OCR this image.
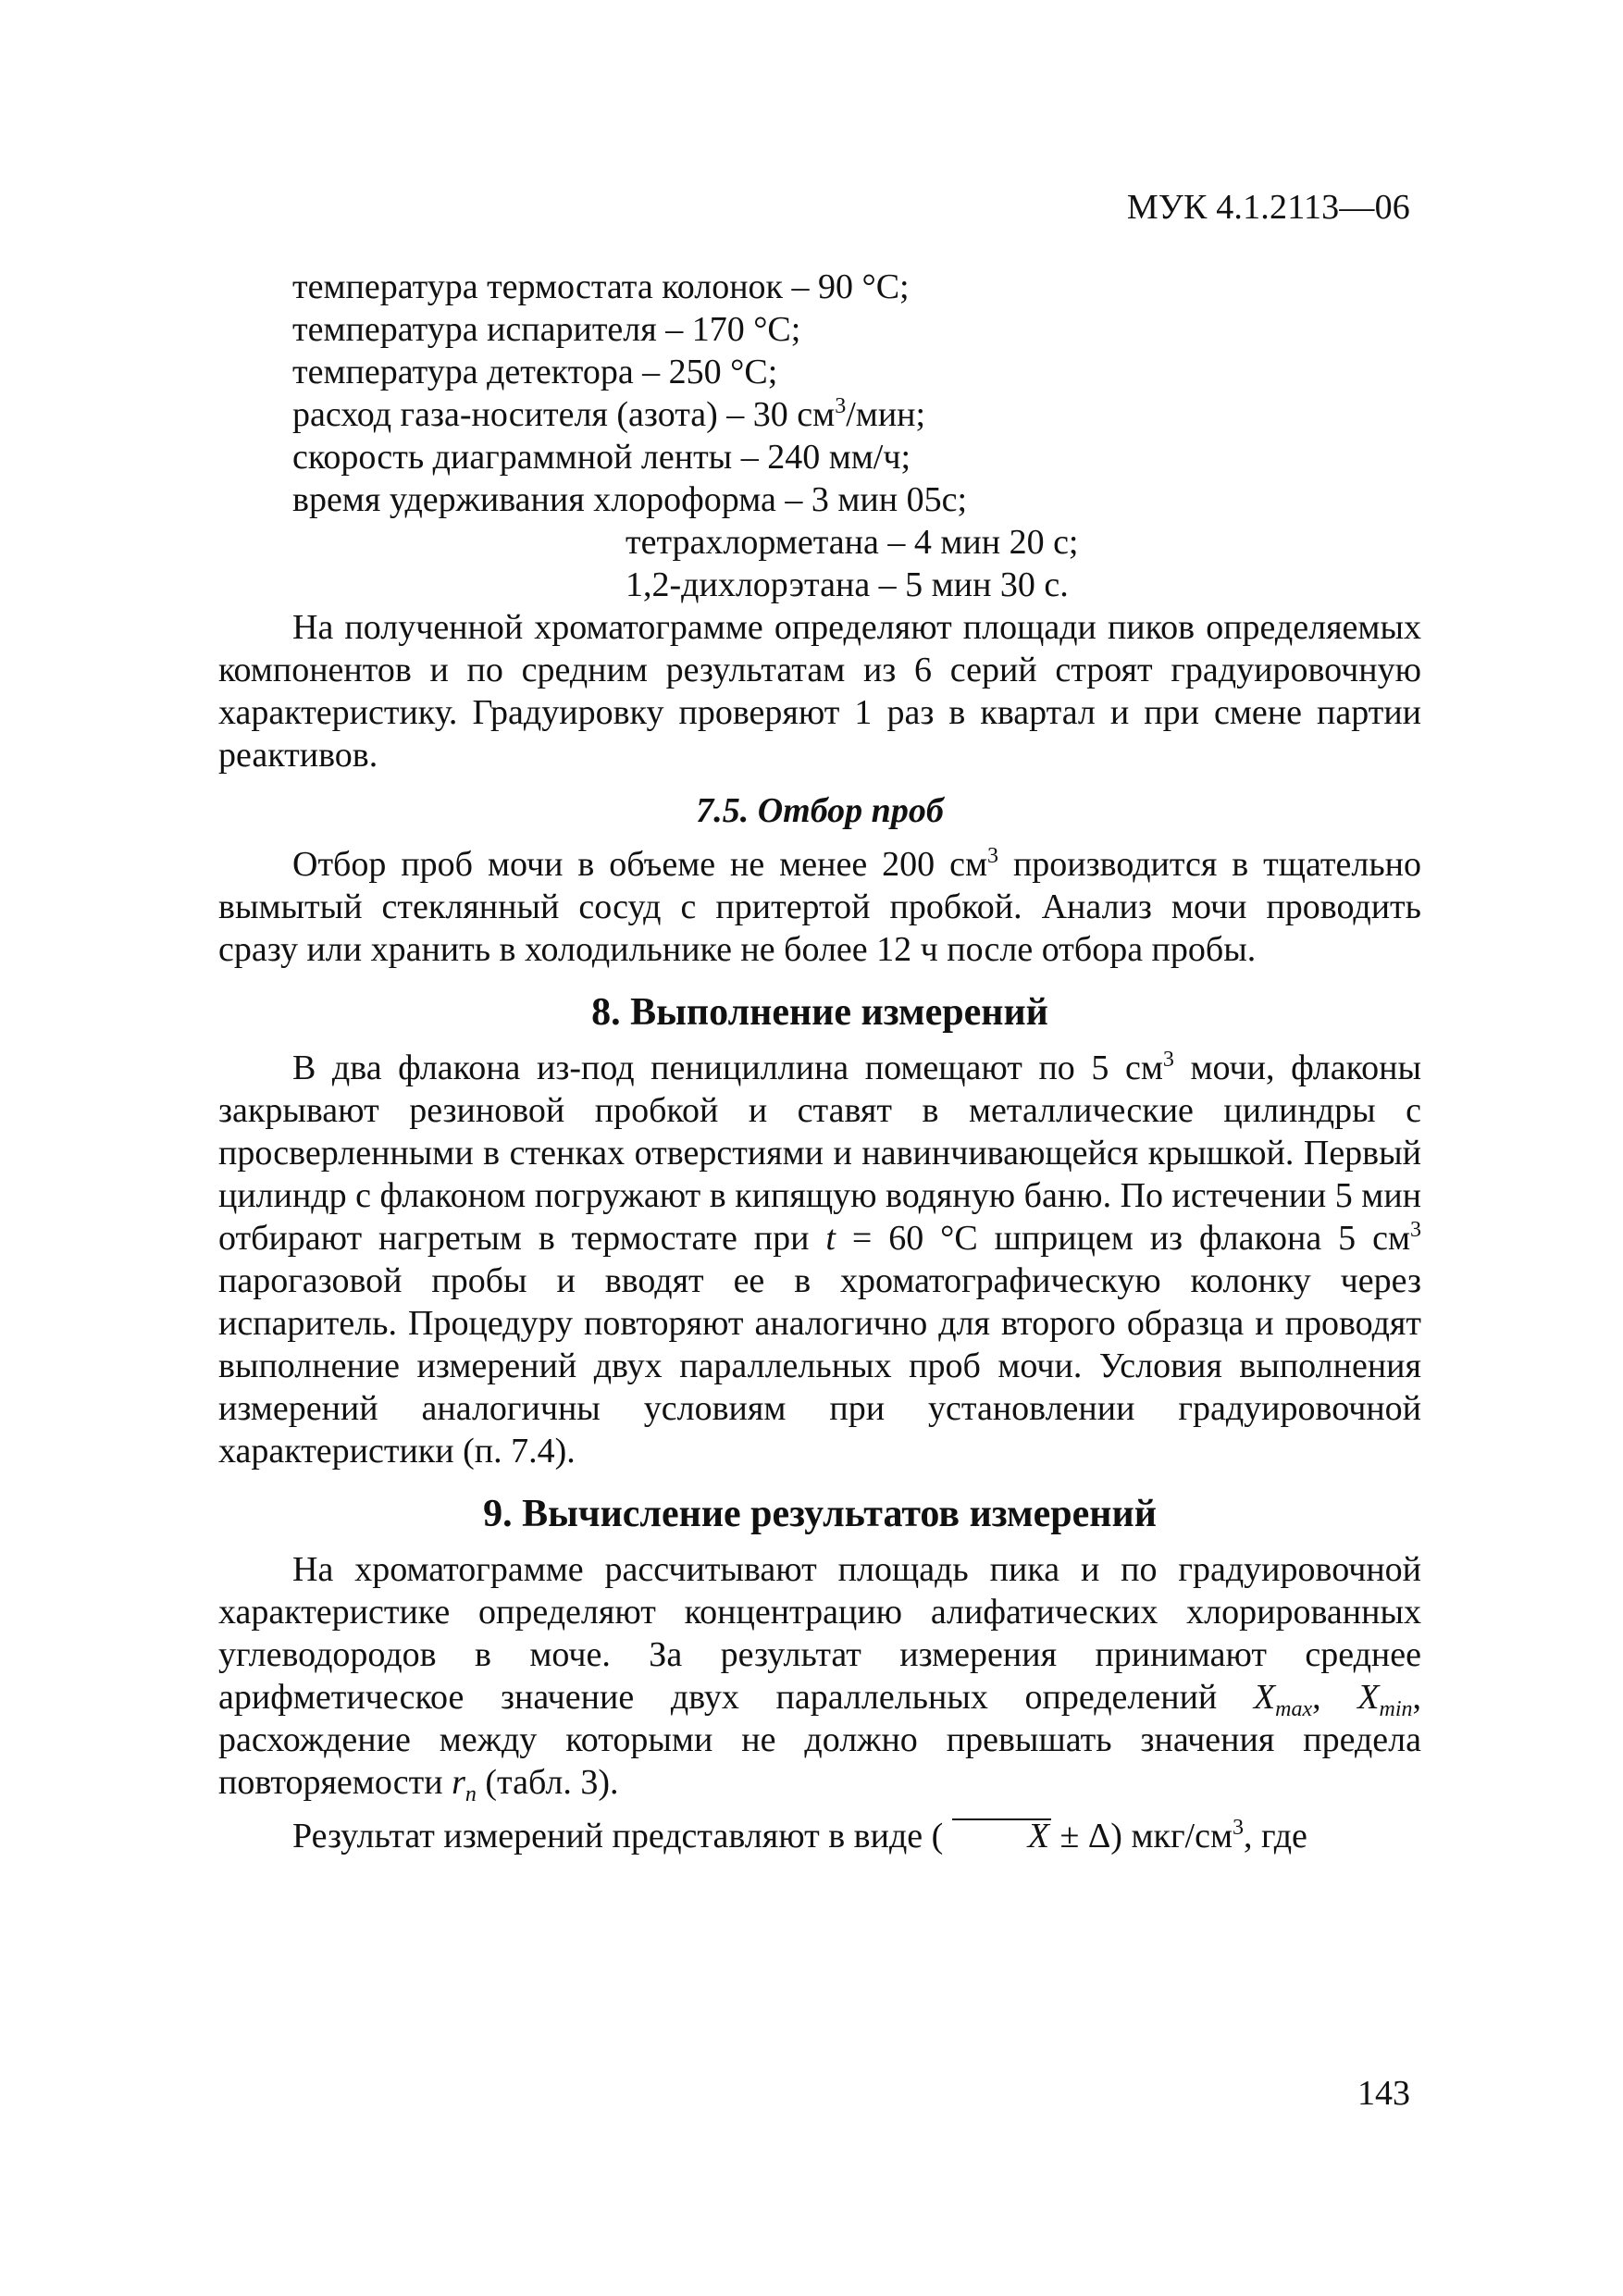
МУК 4.1.2113—06
температура термостата колонок – 90 °С;
температура испарителя – 170 °С;
температура детектора – 250 °С;
расход газа-носителя (азота) – 30 $см^3$/мин;
скорость диаграммной ленты – 240 мм/ч;
время удерживания хлороформа – 3 мин 05с;
тетрахлорметана – 4 мин 20 с;
1,2-дихлорэтана – 5 мин 30 с.

На полученной хроматограмме определяют площади пиков определяемых компонентов и по средним результатам из 6 серий строят градуировочную характеристику. Градуировку проверяют 1 раз в квартал и при смене партии реактивов.

7.5. Отбор проб

Отбор проб мочи в объеме не менее 200 $см^3$ производится в тщательно вымытый стеклянный сосуд с притертой пробкой. Анализ мочи проводить сразу или хранить в холодильнике не более 12 ч после отбора пробы.

8. Выполнение измерений

В два флакона из-под пенициллина помещают по 5 $см^3$ мочи, флаконы закрывают резиновой пробкой и ставят в металлические цилиндры с просверленными в стенках отверстиями и навинчивающейся крышкой. Первый цилиндр с флаконом погружают в кипящую водяную баню. По истечении 5 мин отбирают нагретым в термостате при t = 60 °С шприцем из флакона 5 $см^3$ парогазовой пробы и вводят ее в хроматографическую колонку через испаритель. Процедуру повторяют аналогично для второго образца и проводят выполнение измерений двух параллельных проб мочи. Условия выполнения измерений аналогичны условиям при установлении градуировочной характеристики (п. 7.4).

9. Вычисление результатов измерений

На хроматограмме рассчитывают площадь пика и по градуировочной характеристике определяют концентрацию алифатических хлорированных углеводородов в моче. За результат измерения принимают среднее арифметическое значение двух параллельных определений $X_{max}$, $X_{min}$, расхождение между которыми не должно превышать значения предела повторяемости $r_n$ (табл. 3).

Результат измерений представляют в виде ( X ± Δ) мкг/$см^3$, где

143
